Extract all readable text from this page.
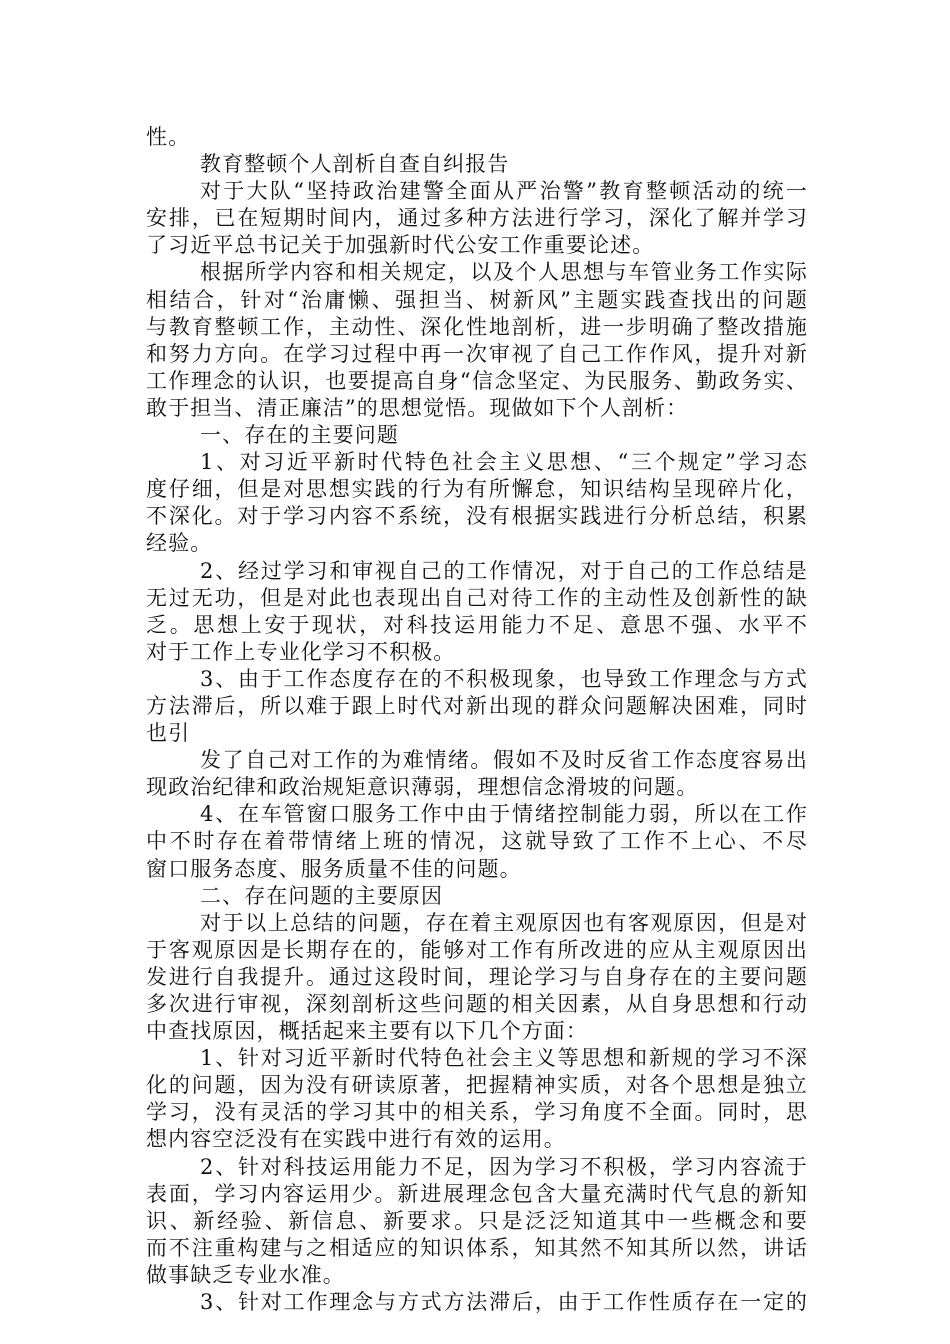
性。
教育整顿个人剖析自查自纠报告
对于大队“坚持政治建警全面从严治警”教育整顿活动的统一
安排，已在短期时间内，通过多种方法进行学习，深化了解并学习
了习近平总书记关于加强新时代公安工作重要论述。
根据所学内容和相关规定，以及个人思想与车管业务工作实际
相结合，针对“治庸懒、强担当、树新风”主题实践查找出的问题
与教育整顿工作，主动性、深化性地剖析，进一步明确了整改措施
和努力方向。在学习过程中再一次审视了自己工作作风，提升对新
工作理念的认识，也要提高自身“信念坚定、为民服务、勤政务实、
敢于担当、清正廉洁”的思想觉悟。现做如下个人剖析：
一、存在的主要问题
1、对习近平新时代特色社会主义思想、“三个规定”学习态
度仔细，但是对思想实践的行为有所懈怠，知识结构呈现碎片化，
不深化。对于学习内容不系统，没有根据实践进行分析总结，积累
经验。
2、经过学习和审视自己的工作情况，对于自己的工作总结是
无过无功，但是对此也表现出自己对待工作的主动性及创新性的缺
乏。思想上安于现状，对科技运用能力不足、意思不强、水平不
对于工作上专业化学习不积极。
3、由于工作态度存在的不积极现象，也导致工作理念与方式
方法滞后，所以难于跟上时代对新出现的群众问题解决困难，同时
也引
发了自己对工作的为难情绪。假如不及时反省工作态度容易出
现政治纪律和政治规矩意识薄弱，理想信念滑坡的问题。
4、在车管窗口服务工作中由于情绪控制能力弱，所以在工作
中不时存在着带情绪上班的情况，这就导致了工作不上心、不尽
窗口服务态度、服务质量不佳的问题。
二、存在问题的主要原因
对于以上总结的问题，存在着主观原因也有客观原因，但是对
于客观原因是长期存在的，能够对工作有所改进的应从主观原因出
发进行自我提升。通过这段时间，理论学习与自身存在的主要问题
多次进行审视，深刻剖析这些问题的相关因素，从自身思想和行动
中查找原因，概括起来主要有以下几个方面：
1、针对习近平新时代特色社会主义等思想和新规的学习不深
化的问题，因为没有研读原著，把握精神实质，对各个思想是独立
学习，没有灵活的学习其中的相关系，学习角度不全面。同时，思
想内容空泛没有在实践中进行有效的运用。
2、针对科技运用能力不足，因为学习不积极，学习内容流于
表面，学习内容运用少。新进展理念包含大量充满时代气息的新知
识、新经验、新信息、新要求。只是泛泛知道其中一些概念和要
而不注重构建与之相适应的知识体系，知其然不知其所以然，讲话
做事缺乏专业水准。
3、针对工作理念与方式方法滞后，由于工作性质存在一定的
